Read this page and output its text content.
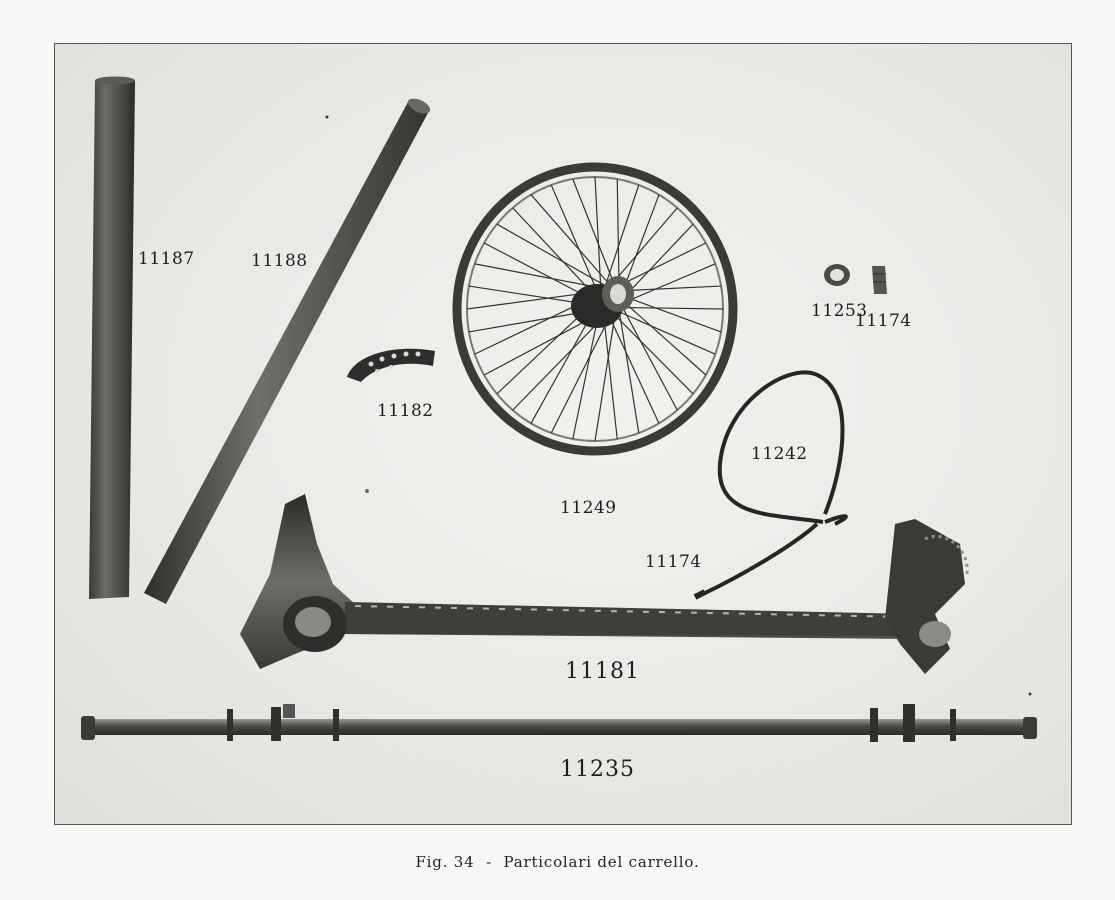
11187	11188
11182
11249
11253
11174
11242
11174
11181
11235
Fig. 34 - Particolari del carrello.
